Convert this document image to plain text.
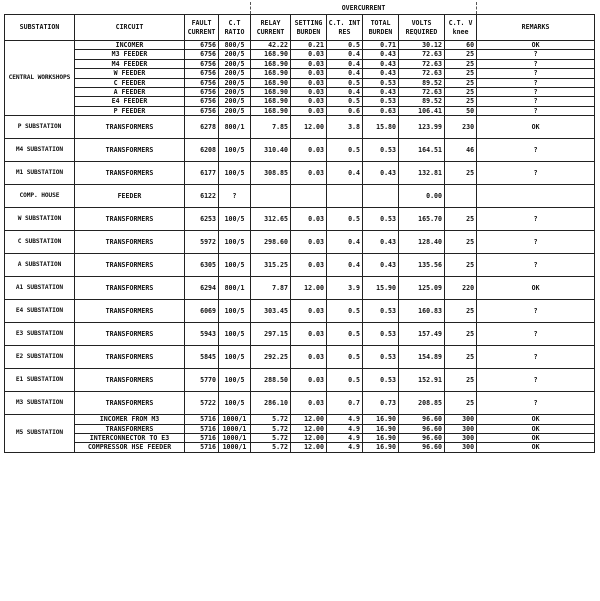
				OVERCURRENT						
SUBSTATION	CIRCUIT	FAULT CURRENT	C.T RATIO	RELAY CURRENT	SETTING BURDEN	C.T. INT RES	TOTAL BURDEN	VOLTS REQUIRED	C.T. V knee	REMARKS
CENTRAL WORKSHOPS	INCOMER	6756	800/5	42.22	0.21	0.5	0.71	30.12	60	OK
	M3 FEEDER	6756	200/5	168.90	0.03	0.4	0.43	72.63	25	?
	M4 FEEDER	6756	200/5	168.90	0.03	0.4	0.43	72.63	25	?
	W FEEDER	6756	200/5	168.90	0.03	0.4	0.43	72.63	25	?
	C FEEDER	6756	200/5	168.90	0.03	0.5	0.53	89.52	25	?
	A FEEDER	6756	200/5	168.90	0.03	0.4	0.43	72.63	25	?
	E4 FEEDER	6756	200/5	168.90	0.03	0.5	0.53	89.52	25	?
	P FEEDER	6756	200/5	168.90	0.03	0.6	0.63	106.41	50	?
P SUBSTATION	TRANSFORMERS	6278	800/1	7.85	12.00	3.8	15.80	123.99	230	OK
M4 SUBSTATION	TRANSFORMERS	6208	100/5	310.40	0.03	0.5	0.53	164.51	46	?
M1 SUBSTATION	TRANSFORMERS	6177	100/5	308.85	0.03	0.4	0.43	132.81	25	?
COMP. HOUSE	FEEDER	6122	?					0.00		
W SUBSTATION	TRANSFORMERS	6253	100/5	312.65	0.03	0.5	0.53	165.70	25	?
C SUBSTATION	TRANSFORMERS	5972	100/5	298.60	0.03	0.4	0.43	128.40	25	?
A SUBSTATION	TRANSFORMERS	6305	100/5	315.25	0.03	0.4	0.43	135.56	25	?
A1 SUBSTATION	TRANSFORMERS	6294	800/1	7.87	12.00	3.9	15.90	125.09	220	OK
E4 SUBSTATION	TRANSFORMERS	6069	100/5	303.45	0.03	0.5	0.53	160.83	25	?
E3 SUBSTATION	TRANSFORMERS	5943	100/5	297.15	0.03	0.5	0.53	157.49	25	?
E2 SUBSTATION	TRANSFORMERS	5845	100/5	292.25	0.03	0.5	0.53	154.89	25	?
E1 SUBSTATION	TRANSFORMERS	5770	100/5	288.50	0.03	0.5	0.53	152.91	25	?
M3 SUBSTATION	TRANSFORMERS	5722	100/5	286.10	0.03	0.7	0.73	208.85	25	?
M5 SUBSTATION	INCOMER FROM M3	5716	1000/1	5.72	12.00	4.9	16.90	96.60	300	OK
	TRANSFORMERS	5716	1000/1	5.72	12.00	4.9	16.90	96.60	300	OK
	INTERCONNECTOR TO E3	5716	1000/1	5.72	12.00	4.9	16.90	96.60	300	OK
	COMPRESSOR HSE FEEDER	5716	1000/1	5.72	12.00	4.9	16.90	96.60	300	OK
